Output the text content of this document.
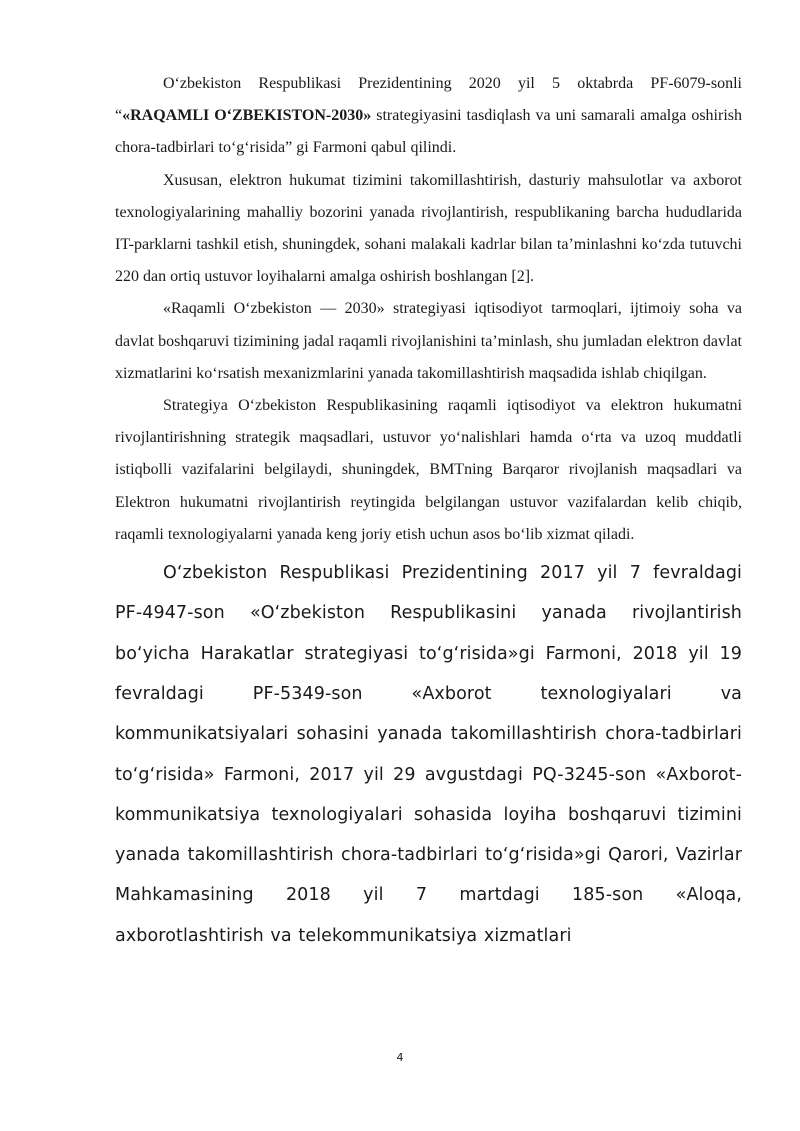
O‘zbekiston Respublikasi Prezidentining 2020 yil 5 oktabrda PF-6079-sonli “«RAQAMLI O‘ZBEKISTON-2030» strategiyasini tasdiqlash va uni samarali amalga oshirish chora-tadbirlari to‘g‘risida” gi Farmoni qabul qilindi.

Xususan, elektron hukumat tizimini takomillashtirish, dasturiy mahsulotlar va axborot texnologiyalarining mahalliy bozorini yanada rivojlantirish, respublikaning barcha hududlarida IT-parklarni tashkil etish, shuningdek, sohani malakali kadrlar bilan ta’minlashni ko‘zda tutuvchi 220 dan ortiq ustuvor loyihalarni amalga oshirish boshlangan [2].

«Raqamli O‘zbekiston — 2030» strategiyasi iqtisodiyot tarmoqlari, ijtimoiy soha va davlat boshqaruvi tizimining jadal raqamli rivojlanishini ta’minlash, shu jumladan elektron davlat xizmatlarini ko‘rsatish mexanizmlarini yanada takomillashtirish maqsadida ishlab chiqilgan.

Strategiya O‘zbekiston Respublikasining raqamli iqtisodiyot va elektron hukumatni rivojlantirishning strategik maqsadlari, ustuvor yo‘nalishlari hamda o‘rta va uzoq muddatli istiqbolli vazifalarini belgilaydi, shuningdek, BMTning Barqaror rivojlanish maqsadlari va Elektron hukumatni rivojlantirish reytingida belgilangan ustuvor vazifalardan kelib chiqib, raqamli texnologiyalarni yanada keng joriy etish uchun asos bo‘lib xizmat qiladi.

O‘zbekiston Respublikasi Prezidentining 2017 yil 7 fevraldagi PF-4947-son «O‘zbekiston Respublikasini yanada rivojlantirish bo‘yicha Harakatlar strategiyasi to‘g‘risida»gi Farmoni, 2018 yil 19 fevraldagi PF-5349-son «Axborot texnologiyalari va kommunikatsiyalari sohasini yanada takomillashtirish chora-tadbirlari to‘g‘risida» Farmoni, 2017 yil 29 avgustdagi PQ-3245-son «Axborot-kommunikatsiya texnologiyalari sohasida loyiha boshqaruvi tizimini yanada takomillashtirish chora-tadbirlari to‘g‘risida»gi Qarori, Vazirlar Mahkamasining 2018 yil 7 martdagi 185-son «Aloqa, axborotlashtirish va telekommunikatsiya xizmatlari

4
